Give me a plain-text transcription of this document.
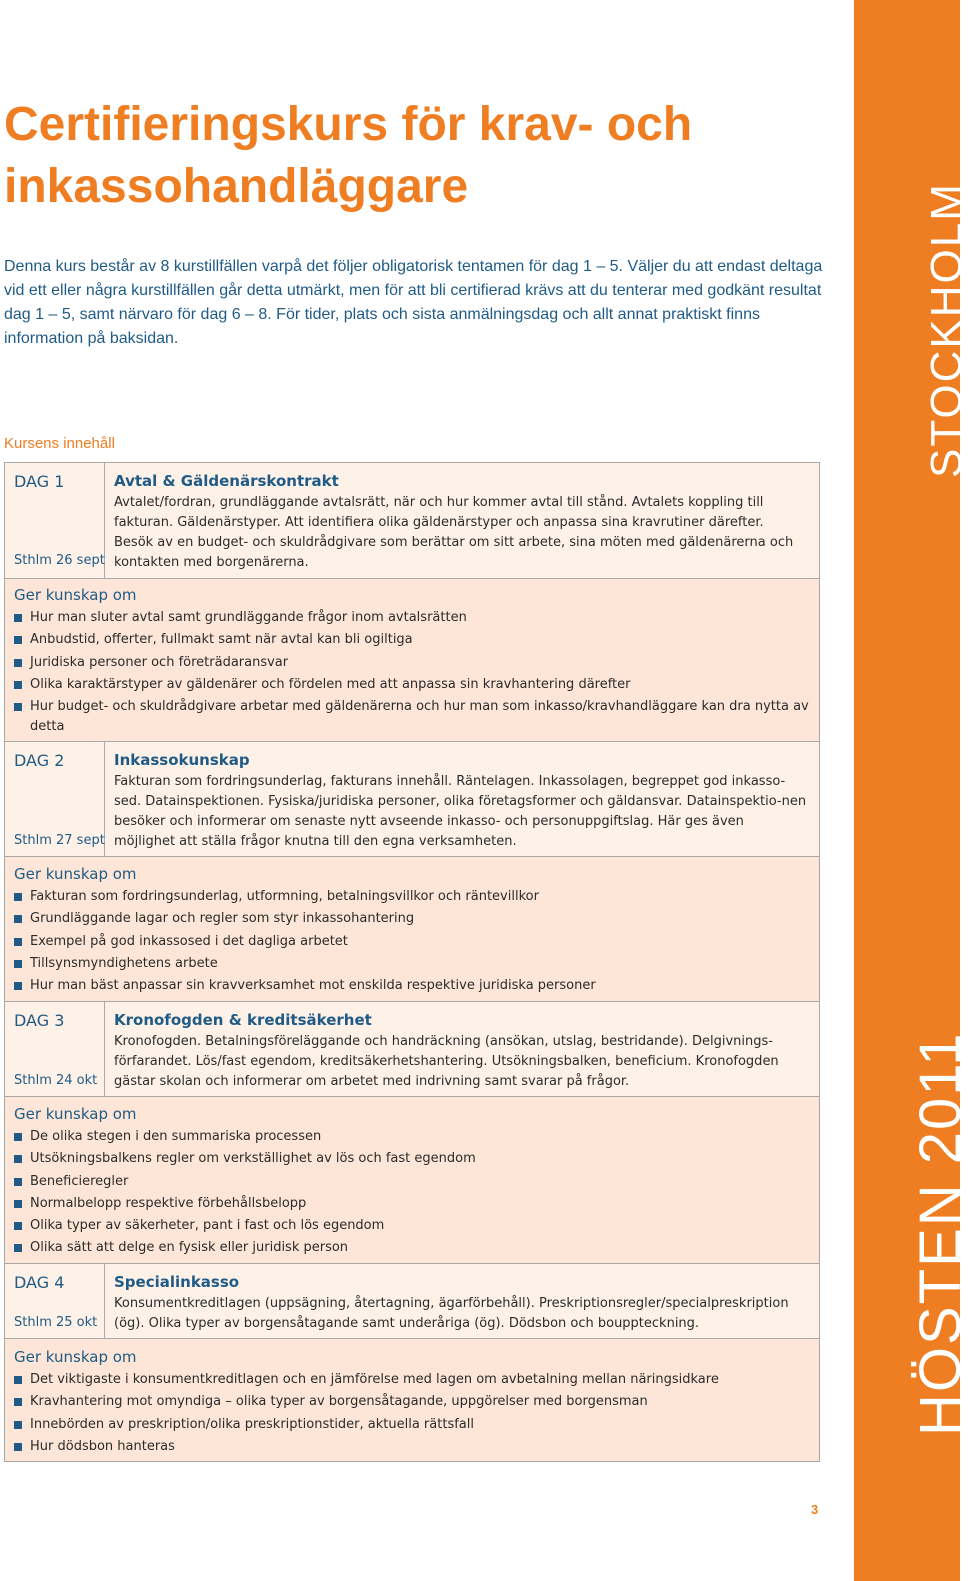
STOCKHOLM
HÖSTEN 2011
Certifieringskurs för krav- och inkassohandläggare

Denna kurs består av 8 kurstillfällen varpå det följer obligatorisk tentamen för dag 1 – 5. Väljer du att endast deltaga vid ett eller några kurstillfällen går detta utmärkt, men för att bli certifierad krävs att du tenterar med godkänt resultat dag 1 – 5, samt närvaro för dag 6 – 8. För tider, plats och sista anmälningsdag och allt annat praktiskt finns information på baksidan.

Kursens innehåll
DAG 1
Sthlm 26 sept
Avtal & Gäldenärskontrakt

Avtalet/fordran, grundläggande avtalsrätt, när och hur kommer avtal till stånd. Avtalets koppling till fakturan. Gäldenärstyper. Att identifiera olika gäldenärstyper och anpassa sina kravrutiner därefter. Besök av en budget- och skuldrådgivare som berättar om sitt arbete, sina möten med gäldenärerna och kontakten med borgenärerna.

Ger kunskap om
Hur man sluter avtal samt grundläggande frågor inom avtalsrätten
Anbudstid, offerter, fullmakt samt när avtal kan bli ogiltiga
Juridiska personer och företrädaransvar
Olika karaktärstyper av gäldenärer och fördelen med att anpassa sin kravhantering därefter
Hur budget- och skuldrådgivare arbetar med gäldenärerna och hur man som inkasso/kravhandläggare kan dra nytta av detta
DAG 2
Sthlm 27 sept
Inkassokunskap

Fakturan som fordringsunderlag, fakturans innehåll. Räntelagen. Inkassolagen, begreppet god inkasso-sed. Datainspektionen. Fysiska/juridiska personer, olika företagsformer och gäldansvar. Datainspektio-nen besöker och informerar om senaste nytt avseende inkasso- och personuppgiftslag. Här ges även möjlighet att ställa frågor knutna till den egna verksamheten.

Ger kunskap om
Fakturan som fordringsunderlag, utformning, betalningsvillkor och räntevillkor
Grundläggande lagar och regler som styr inkassohantering
Exempel på god inkassosed i det dagliga arbetet
Tillsynsmyndighetens arbete
Hur man bäst anpassar sin kravverksamhet mot enskilda respektive juridiska personer
DAG 3
Sthlm 24 okt
Kronofogden & kreditsäkerhet

Kronofogden. Betalningsföreläggande och handräckning (ansökan, utslag, bestridande). Delgivnings-förfarandet. Lös/fast egendom, kreditsäkerhetshantering. Utsökningsbalken, beneficium. Kronofogden gästar skolan och informerar om arbetet med indrivning samt svarar på frågor.

Ger kunskap om
De olika stegen i den summariska processen
Utsökningsbalkens regler om verkställighet av lös och fast egendom
Beneficieregler
Normalbelopp respektive förbehållsbelopp
Olika typer av säkerheter, pant i fast och lös egendom
Olika sätt att delge en fysisk eller juridisk person
DAG 4
Sthlm 25 okt
Specialinkasso

Konsumentkreditlagen (uppsägning, återtagning, ägarförbehåll). Preskriptionsregler/specialpreskription (ög). Olika typer av borgensåtagande samt underåriga (ög). Dödsbon och bouppteckning.

Ger kunskap om
Det viktigaste i konsumentkreditlagen och en jämförelse med lagen om avbetalning mellan näringsidkare
Kravhantering mot omyndiga – olika typer av borgensåtagande, uppgörelser med borgensman
Innebörden av preskription/olika preskriptionstider, aktuella rättsfall
Hur dödsbon hanteras
3
